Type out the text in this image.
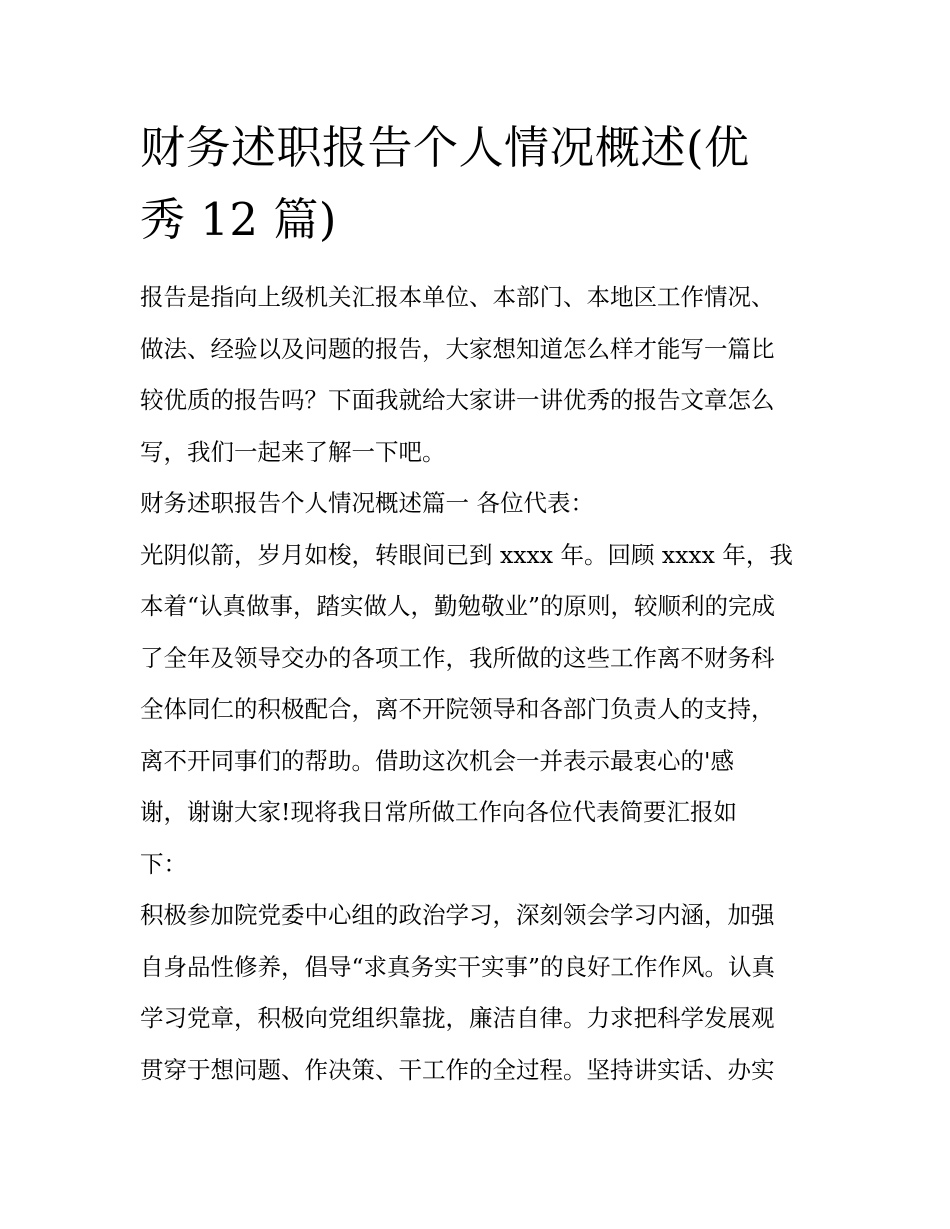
财务述职报告个人情况概述(优
秀 12 篇)

报告是指向上级机关汇报本单位、本部门、本地区工作情况、
做法、经验以及问题的报告，大家想知道怎么样才能写一篇比
较优质的报告吗？下面我就给大家讲一讲优秀的报告文章怎么
写，我们一起来了解一下吧。

财务述职报告个人情况概述篇一 各位代表：

光阴似箭，岁月如梭，转眼间已到 xxxx 年。回顾 xxxx 年，我
本着“认真做事，踏实做人，勤勉敬业”的原则，较顺利的完成
了全年及领导交办的各项工作，我所做的这些工作离不财务科
全体同仁的积极配合，离不开院领导和各部门负责人的支持，
离不开同事们的帮助。借助这次机会一并表示最衷心的'感
谢，谢谢大家!现将我日常所做工作向各位代表简要汇报如
下：

积极参加院党委中心组的政治学习，深刻领会学习内涵，加强
自身品性修养，倡导“求真务实干实事”的良好工作作风。认真
学习党章，积极向党组织靠拢，廉洁自律。力求把科学发展观
贯穿于想问题、作决策、干工作的全过程。坚持讲实话、办实
